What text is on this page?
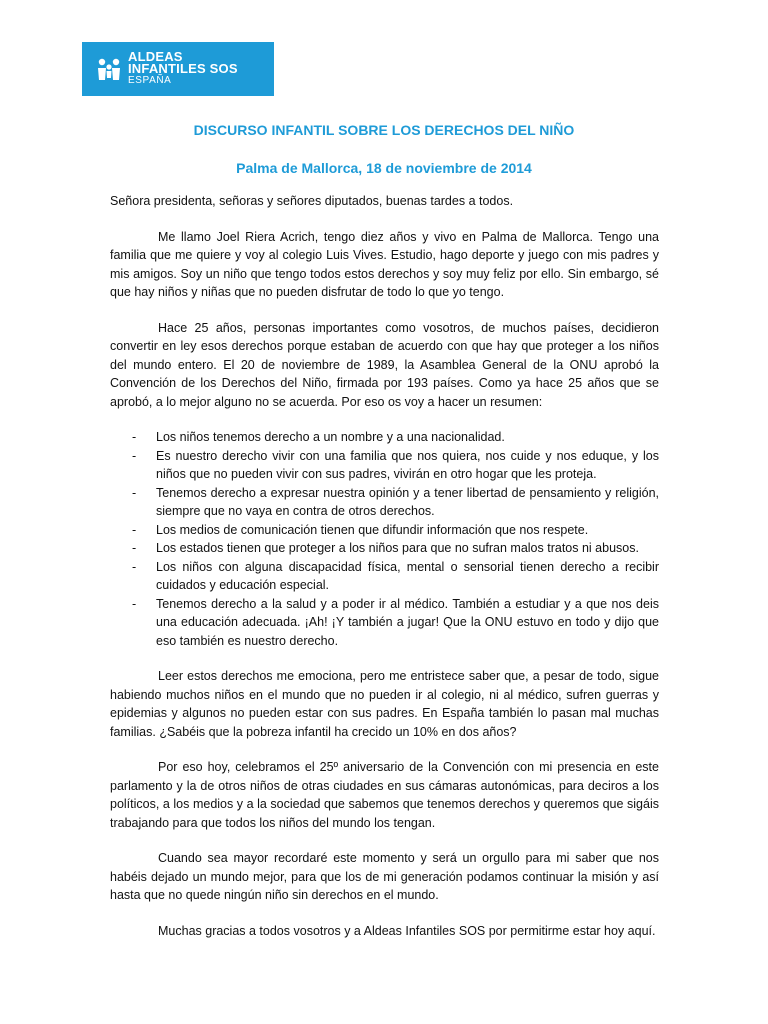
ALDEAS
INFANTILES SOS
ESPAÑA
DISCURSO INFANTIL SOBRE LOS DERECHOS DEL NIÑO
Palma de Mallorca, 18 de noviembre de 2014

Señora presidenta, señoras y señores diputados, buenas tardes a todos.

Me llamo Joel Riera Acrich, tengo diez años y vivo en Palma de Mallorca. Tengo una familia que me quiere y voy al colegio Luis Vives. Estudio, hago deporte y juego con mis padres y mis amigos. Soy un niño que tengo todos estos derechos y soy muy feliz por ello. Sin embargo, sé que hay niños y niñas que no pueden disfrutar de todo lo que yo tengo.

Hace 25 años, personas importantes como vosotros, de muchos países, decidieron convertir en ley esos derechos porque estaban de acuerdo con que hay que proteger a los niños del mundo entero. El 20 de noviembre de 1989, la Asamblea General de la ONU aprobó la Convención de los Derechos del Niño, firmada por 193 países. Como ya hace 25 años que se aprobó, a lo mejor alguno no se acuerda. Por eso os voy a hacer un resumen:

- Los niños tenemos derecho a un nombre y a una nacionalidad.
- Es nuestro derecho vivir con una familia que nos quiera, nos cuide y nos eduque, y los niños que no pueden vivir con sus padres, vivirán en otro hogar que les proteja.
- Tenemos derecho a expresar nuestra opinión y a tener libertad de pensamiento y religión, siempre que no vaya en contra de otros derechos.
- Los medios de comunicación tienen que difundir información que nos respete.
- Los estados tienen que proteger a los niños para que no sufran malos tratos ni abusos.
- Los niños con alguna discapacidad física, mental o sensorial tienen derecho a recibir cuidados y educación especial.
- Tenemos derecho a la salud y a poder ir al médico. También a estudiar y a que nos deis una educación adecuada. ¡Ah! ¡Y también a jugar! Que la ONU estuvo en todo y dijo que eso también es nuestro derecho.

Leer estos derechos me emociona, pero me entristece saber que, a pesar de todo, sigue habiendo muchos niños en el mundo que no pueden ir al colegio, ni al médico, sufren guerras y epidemias y algunos no pueden estar con sus padres. En España también lo pasan mal muchas familias. ¿Sabéis que la pobreza infantil ha crecido un 10% en dos años?

Por eso hoy, celebramos el 25º aniversario de la Convención con mi presencia en este parlamento y la de otros niños de otras ciudades en sus cámaras autonómicas, para deciros a los políticos, a los medios y a la sociedad que sabemos que tenemos derechos y queremos que sigáis trabajando para que todos los niños del mundo los tengan.

Cuando sea mayor recordaré este momento y será un orgullo para mi saber que nos habéis dejado un mundo mejor, para que los de mi generación podamos continuar la misión y así hasta que no quede ningún niño sin derechos en el mundo.

Muchas gracias a todos vosotros y a Aldeas Infantiles SOS por permitirme estar hoy aquí.
